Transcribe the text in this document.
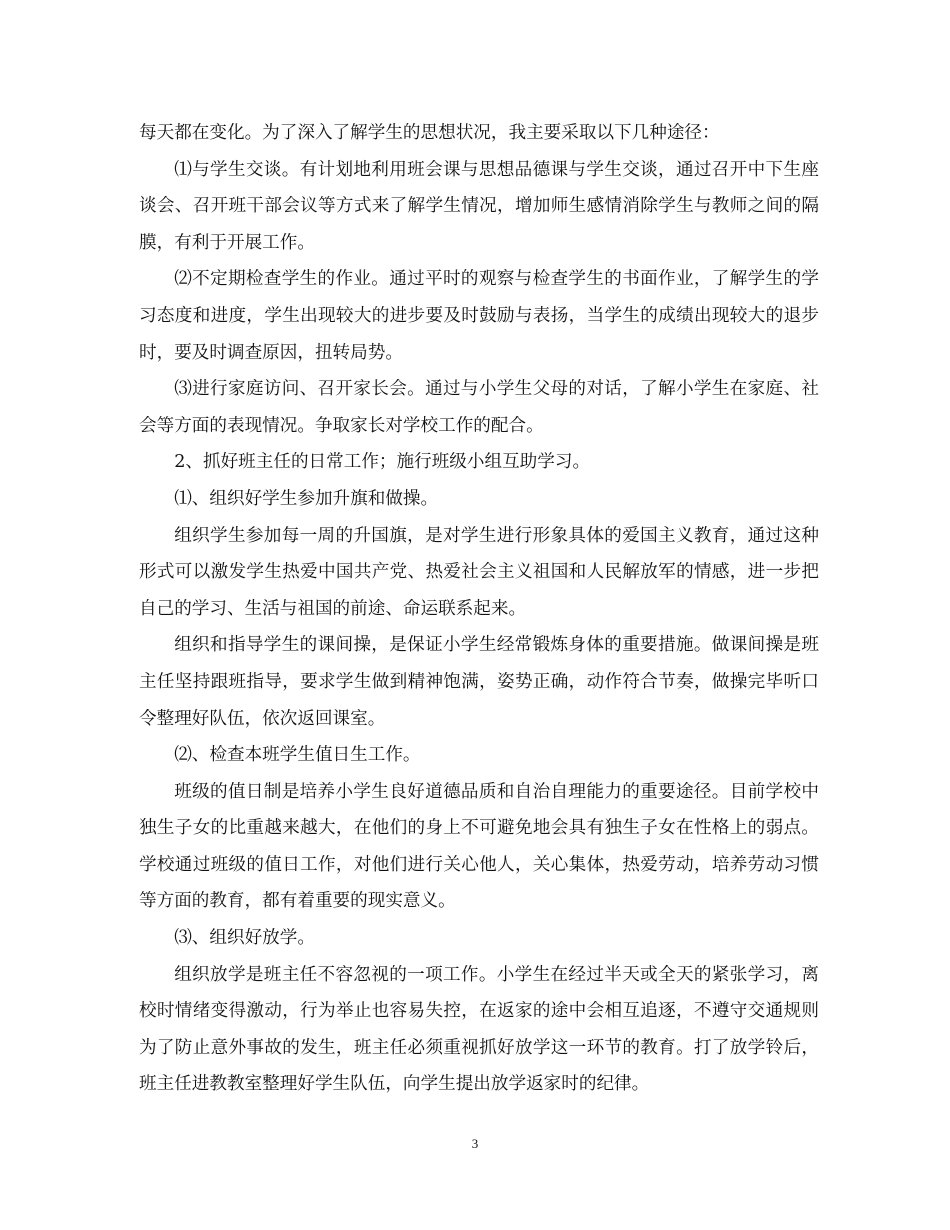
每天都在变化。为了深入了解学生的思想状况，我主要采取以下几种途径：

⑴与学生交谈。有计划地利用班会课与思想品德课与学生交谈，通过召开中下生座谈会、召开班干部会议等方式来了解学生情况，增加师生感情消除学生与教师之间的隔膜，有利于开展工作。

⑵不定期检查学生的作业。通过平时的观察与检查学生的书面作业，了解学生的学习态度和进度，学生出现较大的进步要及时鼓励与表扬，当学生的成绩出现较大的退步时，要及时调查原因，扭转局势。

⑶进行家庭访问、召开家长会。通过与小学生父母的对话，了解小学生在家庭、社会等方面的表现情况。争取家长对学校工作的配合。

2、抓好班主任的日常工作；施行班级小组互助学习。

⑴、组织好学生参加升旗和做操。

组织学生参加每一周的升国旗，是对学生进行形象具体的爱国主义教育，通过这种形式可以激发学生热爱中国共产党、热爱社会主义祖国和人民解放军的情感，进一步把自己的学习、生活与祖国的前途、命运联系起来。

组织和指导学生的课间操，是保证小学生经常锻炼身体的重要措施。做课间操是班主任坚持跟班指导，要求学生做到精神饱满，姿势正确，动作符合节奏，做操完毕听口令整理好队伍，依次返回课室。

⑵、检查本班学生值日生工作。

班级的值日制是培养小学生良好道德品质和自治自理能力的重要途径。目前学校中独生子女的比重越来越大，在他们的身上不可避免地会具有独生子女在性格上的弱点。学校通过班级的值日工作，对他们进行关心他人，关心集体，热爱劳动，培养劳动习惯等方面的教育，都有着重要的现实意义。

⑶、组织好放学。

组织放学是班主任不容忽视的一项工作。小学生在经过半天或全天的紧张学习，离校时情绪变得激动，行为举止也容易失控，在返家的途中会相互追逐，不遵守交通规则为了防止意外事故的发生，班主任必须重视抓好放学这一环节的教育。打了放学铃后，班主任进教教室整理好学生队伍，向学生提出放学返家时的纪律。

3
